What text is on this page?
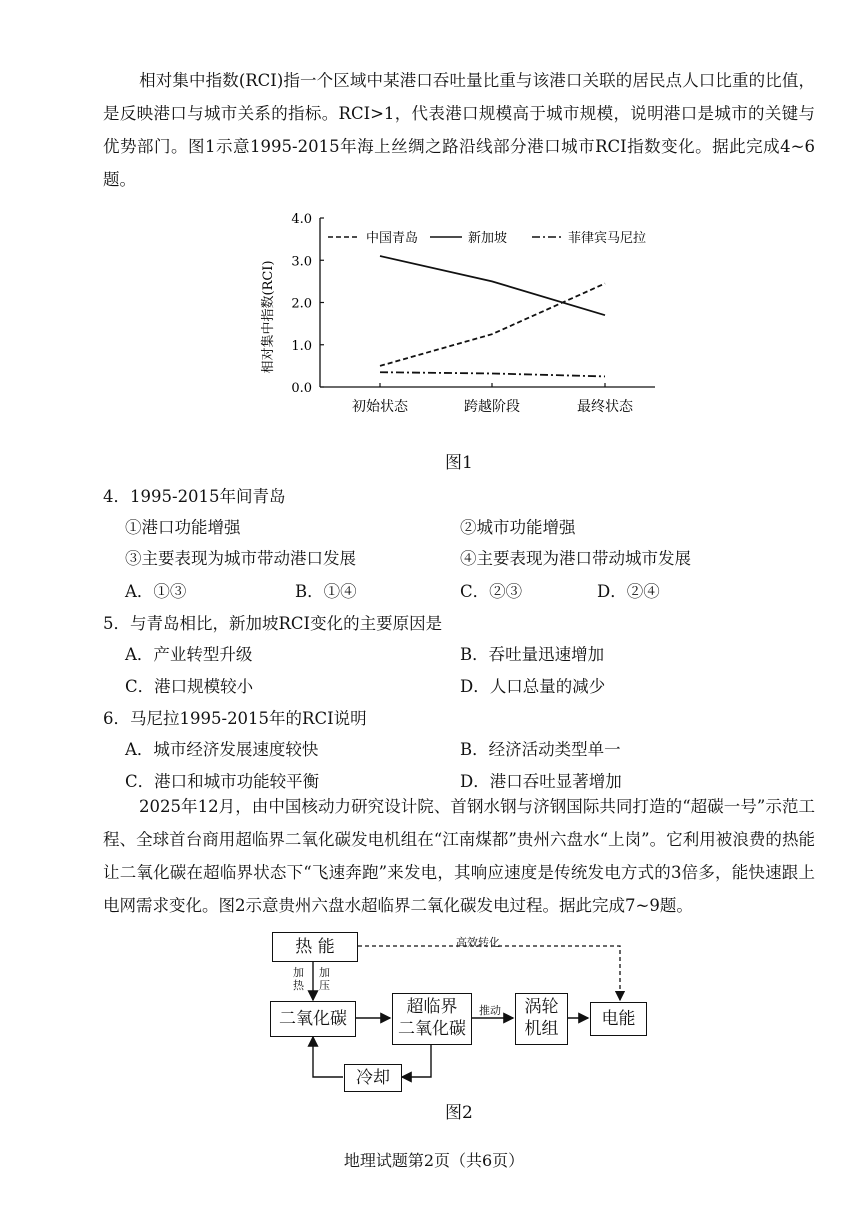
相对集中指数(RCI)指一个区域中某港口吞吐量比重与该港口关联的居民点人口比重的比值，是反映港口与城市关系的指标。RCI>1，代表港口规模高于城市规模，说明港口是城市的关键与优势部门。图1示意1995-2015年海上丝绸之路沿线部分港口城市RCI指数变化。据此完成4~6题。
0.0
1.0
2.0
3.0
4.0
初始状态	跨越阶段	最终状态
中国青岛	新加坡	菲律宾马尼拉
相对集中指数(RCI)
图1
4．1995-2015年间青岛
①港口功能增强	②城市功能增强
③主要表现为城市带动港口发展	④主要表现为港口带动城市发展
A．①③	B．①④	C．②③	D．②④
5．与青岛相比，新加坡RCI变化的主要原因是
A．产业转型升级	B．吞吐量迅速增加
C．港口规模较小	D．人口总量的减少
6．马尼拉1995-2015年的RCI说明
A．城市经济发展速度较快	B．经济活动类型单一
C．港口和城市功能较平衡	D．港口吞吐显著增加
2025年12月，由中国核动力研究设计院、首钢水钢与济钢国际共同打造的“超碳一号”示范工程、全球首台商用超临界二氧化碳发电机组在“江南煤都”贵州六盘水“上岗”。它利用被浪费的热能让二氧化碳在超临界状态下“飞速奔跑”来发电，其响应速度是传统发电方式的3倍多，能快速跟上电网需求变化。图2示意贵州六盘水超临界二氧化碳发电过程。据此完成7~9题。
热 能
二氧化碳
超临界
二氧化碳
涡轮
机组	电能
冷却
高效转化
加热
加压
推动
图2
地理试题第2页（共6页）
